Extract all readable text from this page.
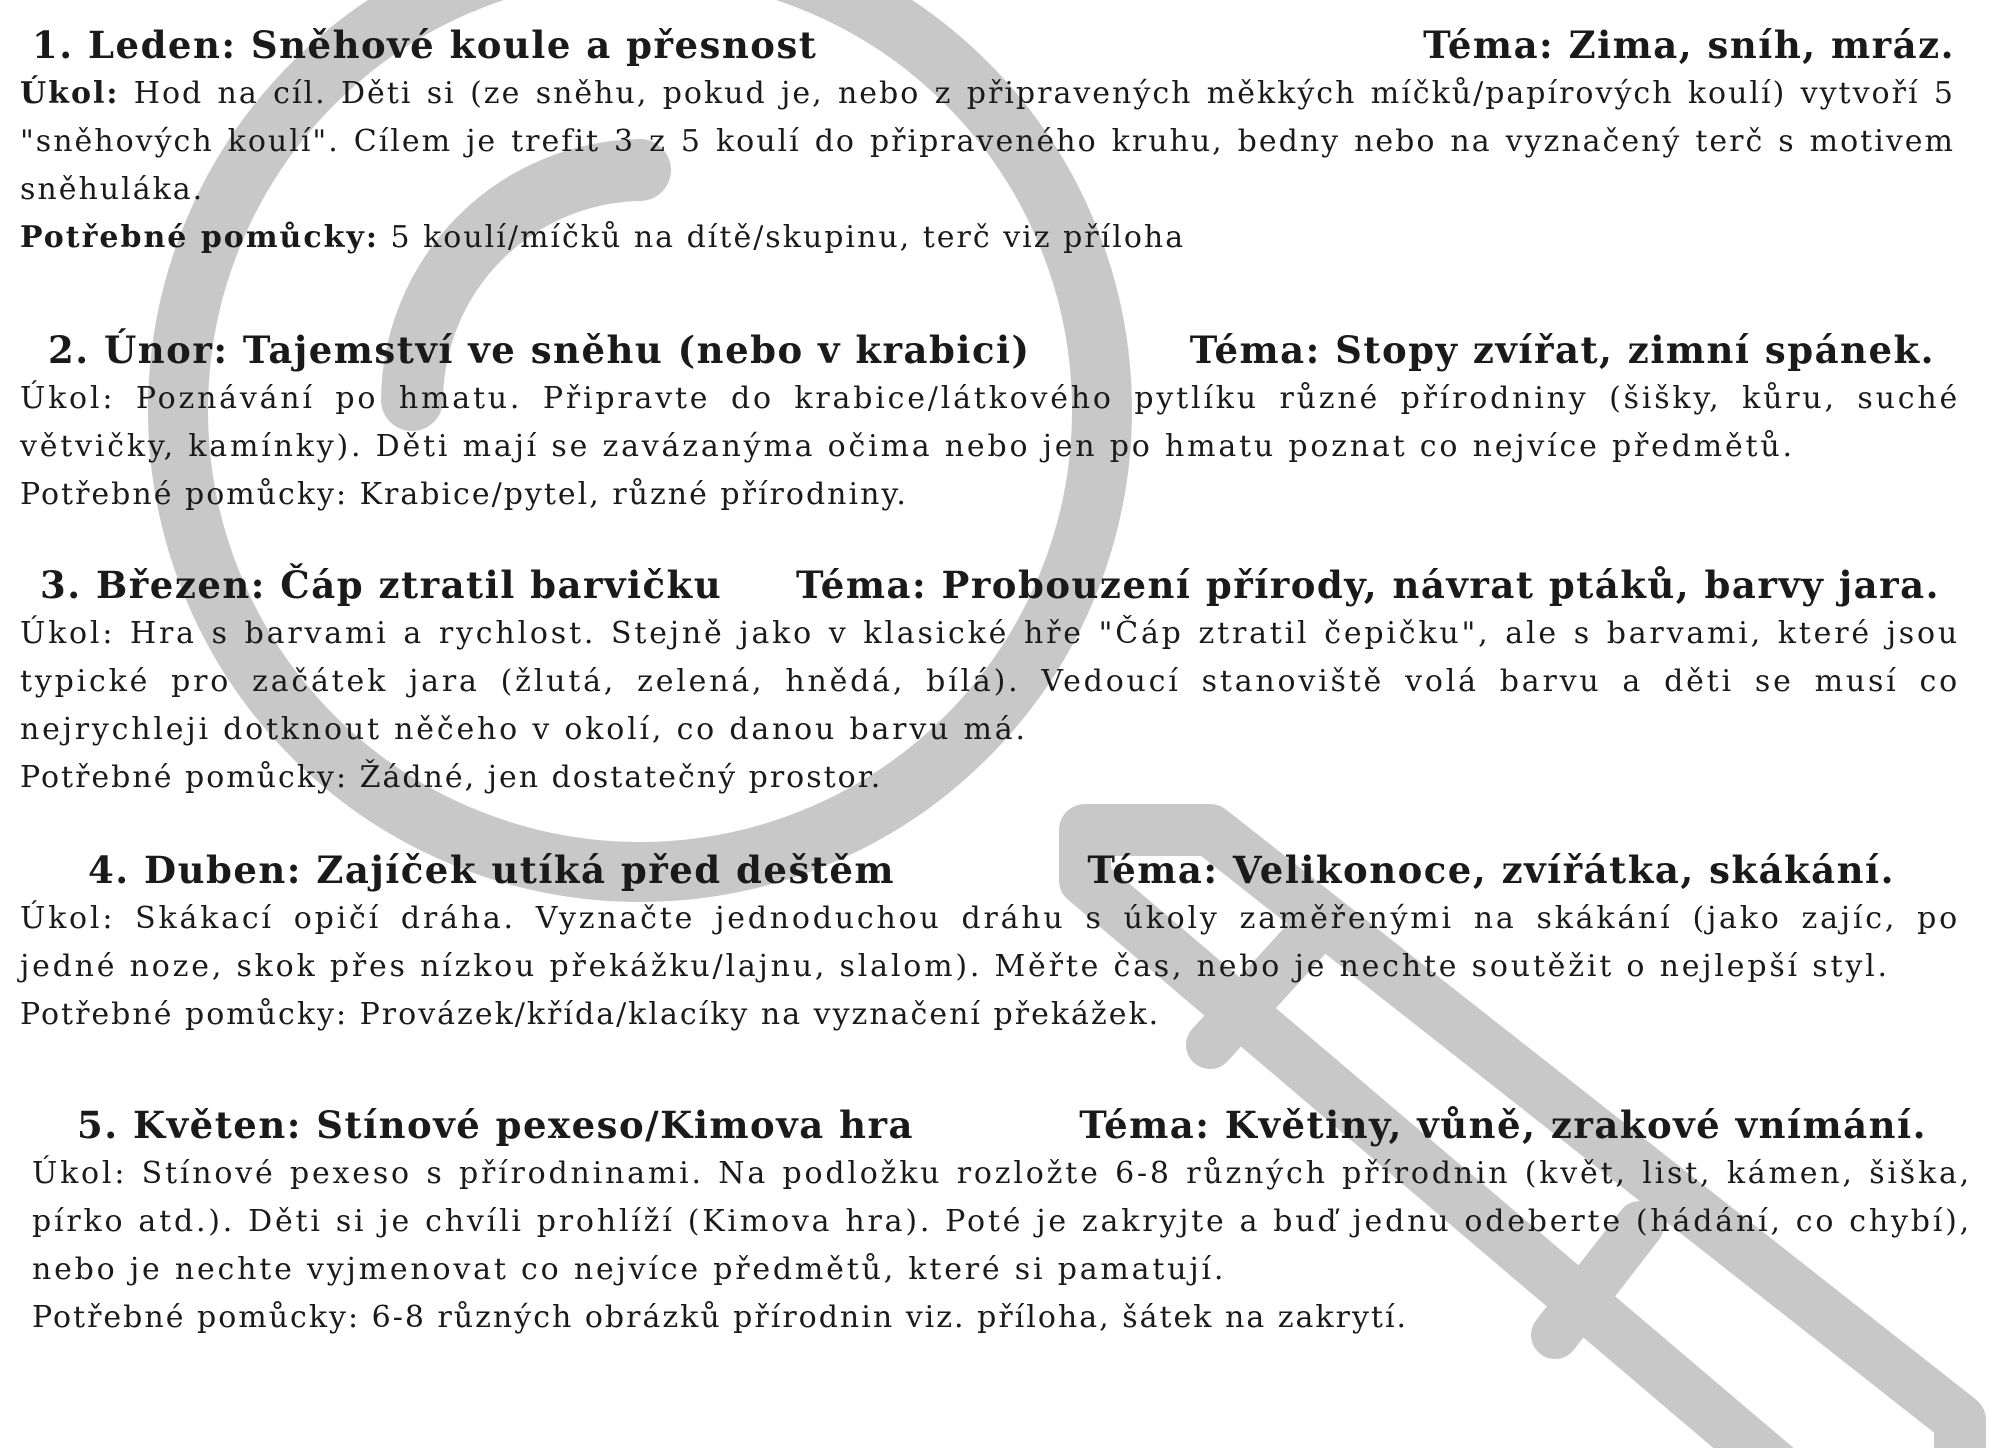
1. Leden: Sněhové koule a přesnost	Téma: Zima, sníh, mráz.

Úkol: Hod na cíl. Děti si (ze sněhu, pokud je, nebo z připravených měkkých míčků/papírových koulí) vytvoří 5 "sněhových koulí". Cílem je trefit 3 z 5 koulí do připraveného kruhu, bedny nebo na vyznačený terč s motivem sněhuláka.

Potřebné pomůcky: 5 koulí/míčků na dítě/skupinu, terč viz příloha

2. Únor: Tajemství ve sněhu (nebo v krabici)	Téma: Stopy zvířat, zimní spánek.

Úkol: Poznávání po hmatu. Připravte do krabice/látkového pytlíku různé přírodniny (šišky, kůru, suché větvičky, kamínky). Děti mají se zavázanýma očima nebo jen po hmatu poznat co nejvíce předmětů.

Potřebné pomůcky: Krabice/pytel, různé přírodniny.

3. Březen: Čáp ztratil barvičku Téma: Probouzení přírody, návrat ptáků, barvy jara.

Úkol: Hra s barvami a rychlost. Stejně jako v klasické hře "Čáp ztratil čepičku", ale s barvami, které jsou typické pro začátek jara (žlutá, zelená, hnědá, bílá). Vedoucí stanoviště volá barvu a děti se musí co nejrychleji dotknout něčeho v okolí, co danou barvu má.

Potřebné pomůcky: Žádné, jen dostatečný prostor.

4. Duben: Zajíček utíká před deštěm	Téma: Velikonoce, zvířátka, skákání.

Úkol: Skákací opičí dráha. Vyznačte jednoduchou dráhu s úkoly zaměřenými na skákání (jako zajíc, po jedné noze, skok přes nízkou překážku/lajnu, slalom). Měřte čas, nebo je nechte soutěžit o nejlepší styl.

Potřebné pomůcky: Provázek/křída/klacíky na vyznačení překážek.

5. Květen: Stínové pexeso/Kimova hra	Téma: Květiny, vůně, zrakové vnímání.

Úkol: Stínové pexeso s přírodninami. Na podložku rozložte 6-8 různých přírodnin (květ, list, kámen, šiška, pírko atd.). Děti si je chvíli prohlíží (Kimova hra). Poté je zakryjte a buď jednu odeberte (hádání, co chybí), nebo je nechte vyjmenovat co nejvíce předmětů, které si pamatují.

Potřebné pomůcky: 6-8 různých obrázků přírodnin viz. příloha, šátek na zakrytí.
